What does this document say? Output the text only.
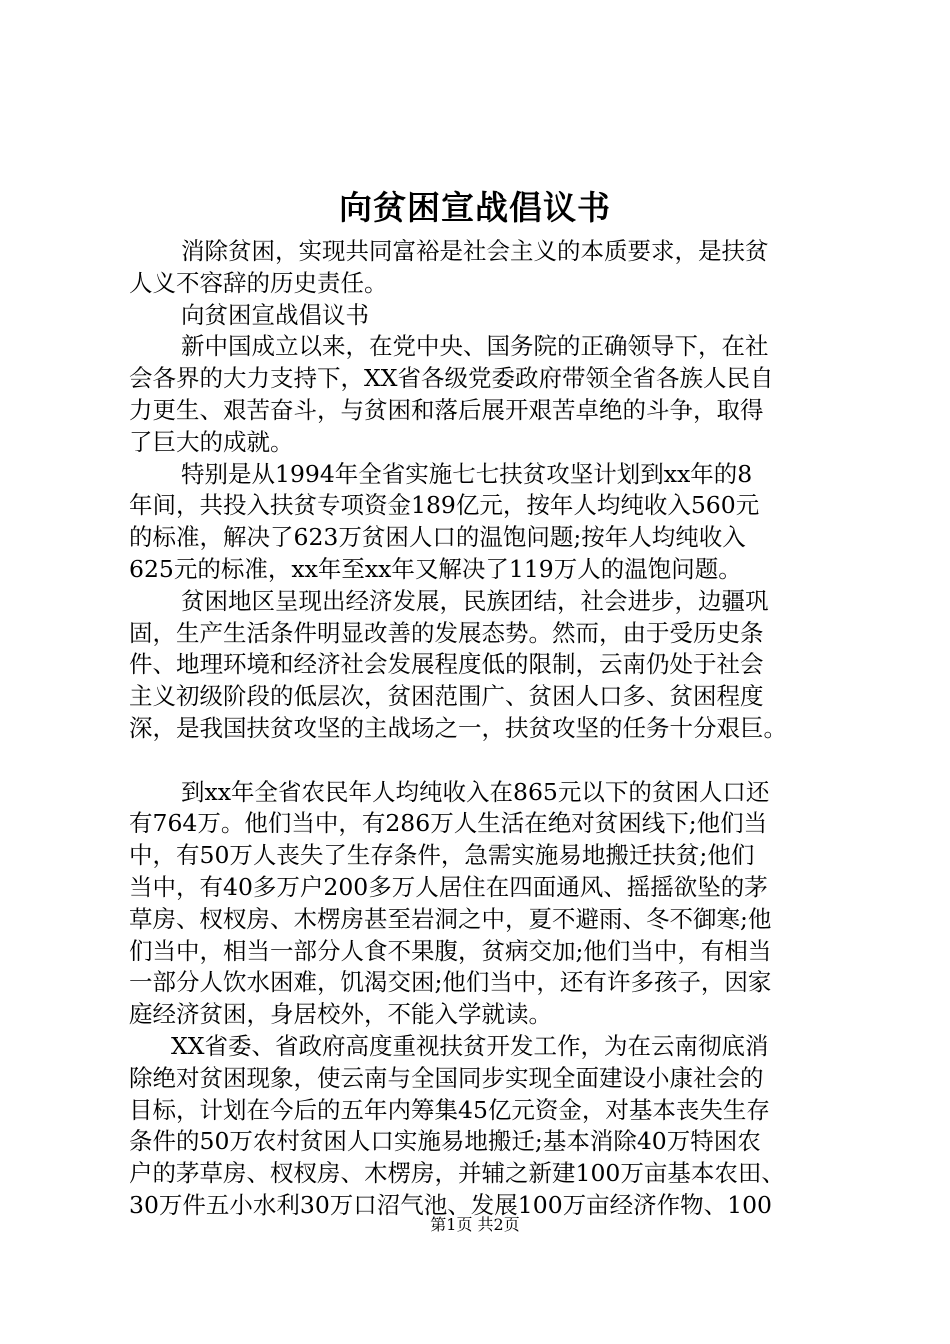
向贫困宣战倡议书
消除贫困，实现共同富裕是社会主义的本质要求，是扶贫
人义不容辞的历史责任。
向贫困宣战倡议书
新中国成立以来，在党中央、国务院的正确领导下，在社
会各界的大力支持下，XX省各级党委政府带领全省各族人民自
力更生、艰苦奋斗，与贫困和落后展开艰苦卓绝的斗争，取得
了巨大的成就。
特别是从1994年全省实施七七扶贫攻坚计划到xx年的8
年间，共投入扶贫专项资金189亿元，按年人均纯收入560元
的标准，解决了623万贫困人口的温饱问题;按年人均纯收入
625元的标准，xx年至xx年又解决了119万人的温饱问题。
贫困地区呈现出经济发展，民族团结，社会进步，边疆巩
固，生产生活条件明显改善的发展态势。然而，由于受历史条
件、地理环境和经济社会发展程度低的限制，云南仍处于社会
主义初级阶段的低层次，贫困范围广、贫困人口多、贫困程度
深，是我国扶贫攻坚的主战场之一，扶贫攻坚的任务十分艰巨。
到xx年全省农民年人均纯收入在865元以下的贫困人口还
有764万。他们当中，有286万人生活在绝对贫困线下;他们当
中，有50万人丧失了生存条件，急需实施易地搬迁扶贫;他们
当中，有40多万户200多万人居住在四面通风、摇摇欲坠的茅
草房、杈杈房、木楞房甚至岩洞之中，夏不避雨、冬不御寒;他
们当中，相当一部分人食不果腹，贫病交加;他们当中，有相当
一部分人饮水困难，饥渴交困;他们当中，还有许多孩子，因家
庭经济贫困，身居校外，不能入学就读。
XX省委、省政府高度重视扶贫开发工作，为在云南彻底消
除绝对贫困现象，使云南与全国同步实现全面建设小康社会的
目标，计划在今后的五年内筹集45亿元资金，对基本丧失生存
条件的50万农村贫困人口实施易地搬迁;基本消除40万特困农
户的茅草房、杈杈房、木楞房，并辅之新建100万亩基本农田、
30万件五小水利30万口沼气池、发展100万亩经济作物、100
第1页 共2页
